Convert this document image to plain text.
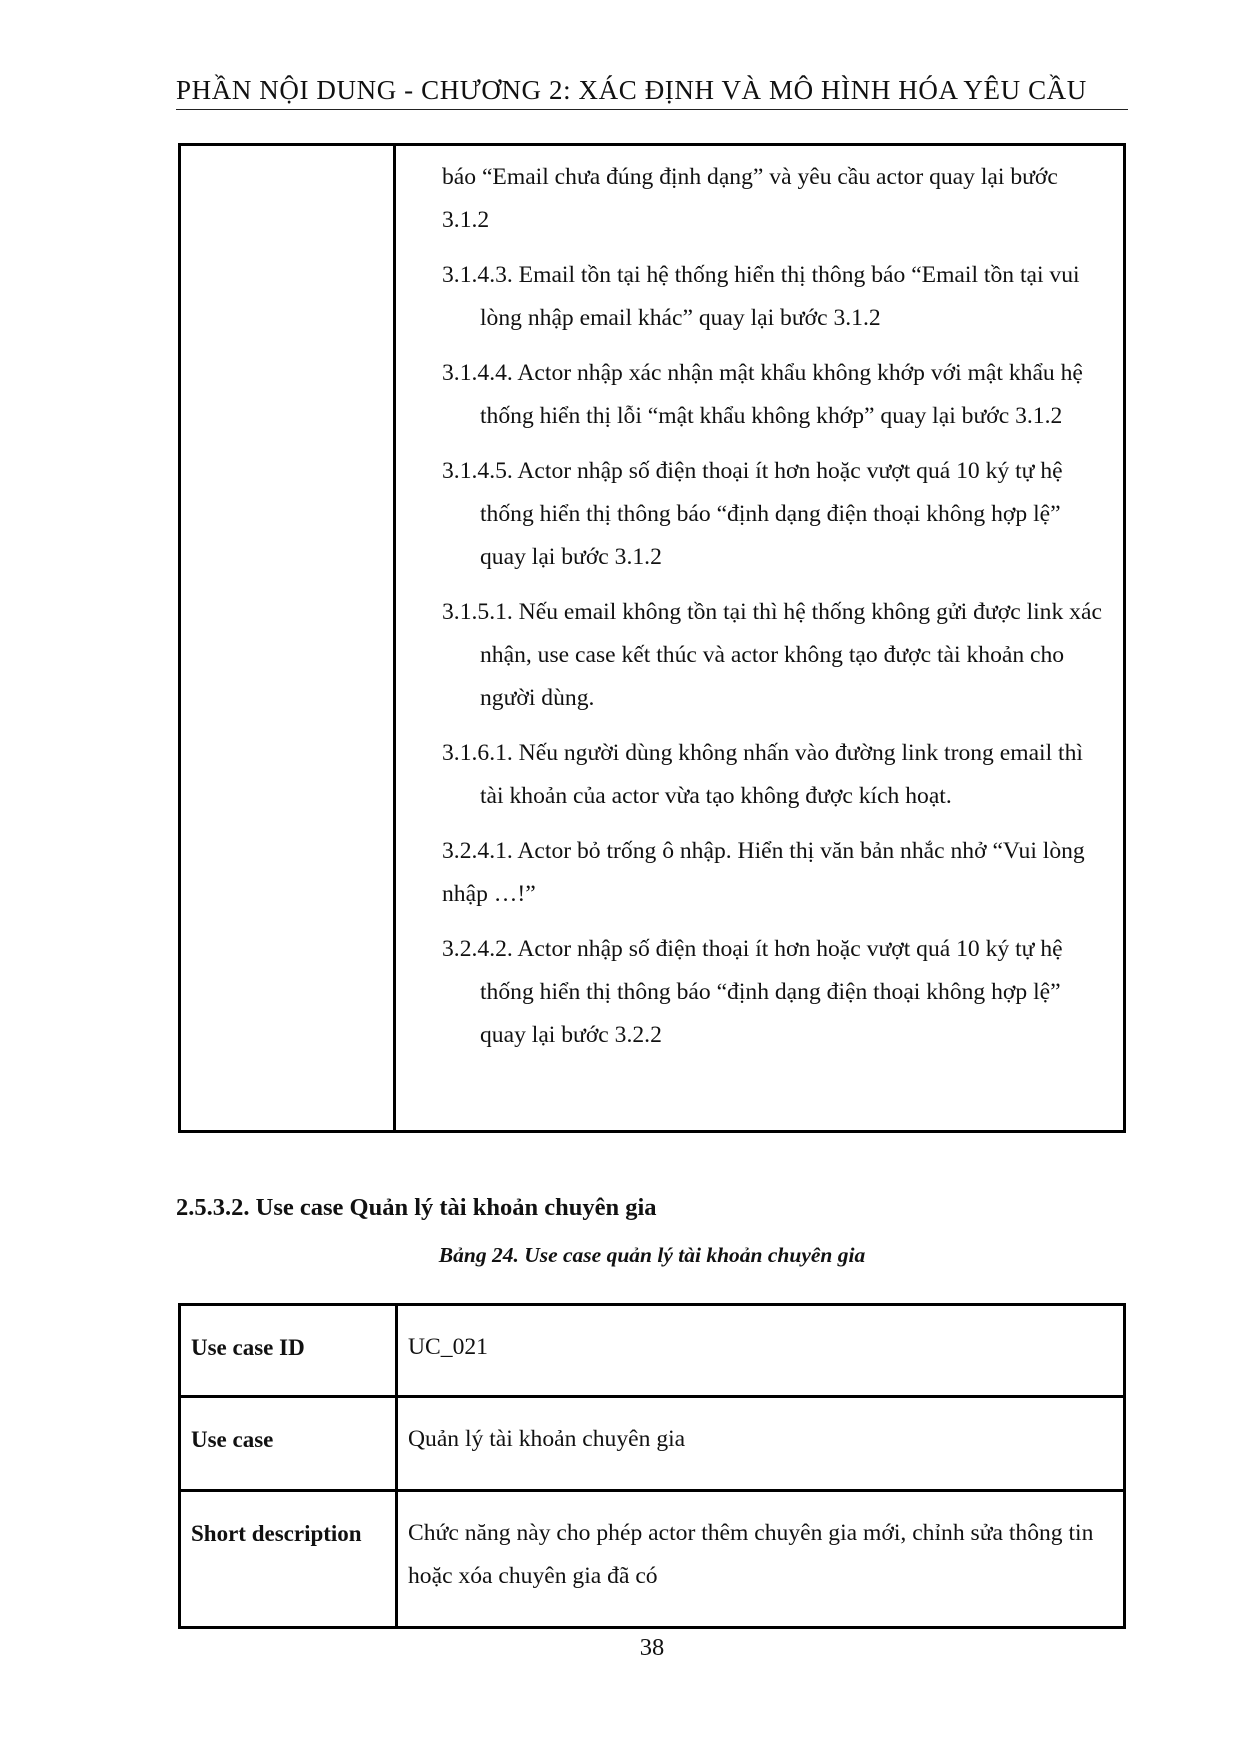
PHẦN NỘI DUNG - CHƯƠNG 2: XÁC ĐỊNH VÀ MÔ HÌNH HÓA YÊU CẦU

báo “Email chưa đúng định dạng” và yêu cầu actor quay lại bước 3.1.2
3.1.4.3. Email tồn tại hệ thống hiển thị thông báo “Email tồn tại vui lòng nhập email khác” quay lại bước 3.1.2
3.1.4.4. Actor nhập xác nhận mật khẩu không khớp với mật khẩu hệ thống hiển thị lỗi “mật khẩu không khớp” quay lại bước 3.1.2
3.1.4.5. Actor nhập số điện thoại ít hơn hoặc vượt quá 10 ký tự hệ thống hiển thị thông báo “định dạng điện thoại không hợp lệ” quay lại bước 3.1.2
3.1.5.1. Nếu email không tồn tại thì hệ thống không gửi được link xác nhận, use case kết thúc và actor không tạo được tài khoản cho người dùng.
3.1.6.1. Nếu người dùng không nhấn vào đường link trong email thì tài khoản của actor vừa tạo không được kích hoạt.
3.2.4.1. Actor bỏ trống ô nhập. Hiển thị văn bản nhắc nhở “Vui lòng nhập …!”
3.2.4.2. Actor nhập số điện thoại ít hơn hoặc vượt quá 10 ký tự hệ thống hiển thị thông báo “định dạng điện thoại không hợp lệ” quay lại bước 3.2.2
2.5.3.2. Use case Quản lý tài khoản chuyên gia
Bảng 24. Use case quản lý tài khoản chuyên gia
Use case ID	UC_021
Use case	Quản lý tài khoản chuyên gia
Short description	Chức năng này cho phép actor thêm chuyên gia mới, chỉnh sửa thông tin hoặc xóa chuyên gia đã có
38
